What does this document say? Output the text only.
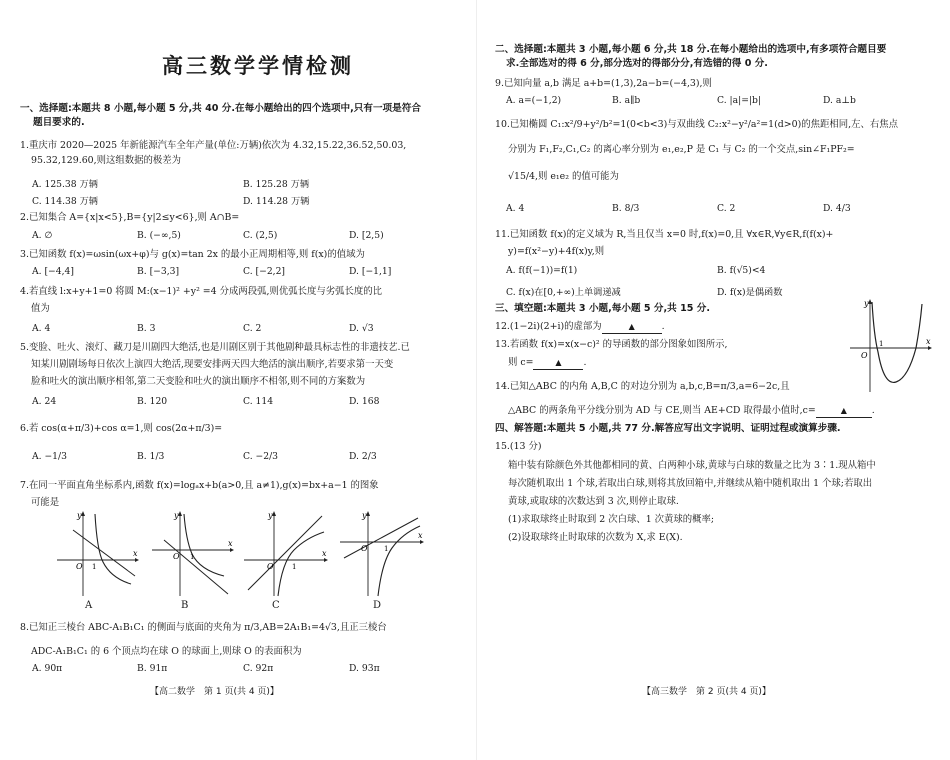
高三数学学情检测
一、选择题:本题共 8 小题,每小题 5 分,共 40 分.在每小题给出的四个选项中,只有一项是符合
题目要求的.
1.重庆市 2020—2025 年新能源汽车全年产量(单位:万辆)依次为 4.32,15.22,36.52,50.03,
95.32,129.60,则这组数据的极差为
A. 125.38 万辆	B. 125.28 万辆
C. 114.38 万辆	D. 114.28 万辆
2.已知集合 A={x|x<5},B={y|2≤y<6},则 A∩B=
A. ∅	B. (−∞,5)	C. (2,5)	D. [2,5)
3.已知函数 f(x)=ωsin(ωx+φ)与 g(x)=tan 2x 的最小正周期相等,则 f(x)的值域为
A. [−4,4]	B. [−3,3]	C. [−2,2]	D. [−1,1]
4.若直线 l:x+y+1=0 将圆 M:(x−1)² +y² =4 分成两段弧,则优弧长度与劣弧长度的比
值为
A. 4	B. 3	C. 2	D. √3
5.变脸、吐火、滚灯、藏刀是川剧四大绝活,也是川剧区别于其他剧种最具标志性的非遗技艺.已
知某川剧剧场每日依次上演四大绝活,现要安排两天四大绝活的演出顺序,若要求第一天变
脸和吐火的演出顺序相邻,第二天变脸和吐火的演出顺序不相邻,则不同的方案数为
A. 24	B. 120	C. 114	D. 168
6.若 cos(α+π/3)+cos α=1,则 cos(2α+π/3)=
A. −1/3	B. 1/3	C. −2/3	D. 2/3
7.在同一平面直角坐标系内,函数 f(x)=logₐx+b(a>0,且 a≠1),g(x)=bx+a−1 的图象
可能是
y
x
O 1
A
y
x
O 1
B
y
x
O	1
C
y
x
O 1
D
8.已知正三棱台 ABC-A₁B₁C₁ 的侧面与底面的夹角为 π/3,AB=2A₁B₁=4√3,且正三棱台
ADC-A₁B₁C₁ 的 6 个顶点均在球 O 的球面上,则球 O 的表面积为
A. 90π	B. 91π	C. 92π	D. 93π
【高二数学　第 1 页(共 4 页)】
二、选择题:本题共 3 小题,每小题 6 分,共 18 分.在每小题给出的选项中,有多项符合题目要
求.全部选对的得 6 分,部分选对的得部分分,有选错的得 0 分.
9.已知向量 a,b 满足 a+b=(1,3),2a−b=(−4,3),则
A. a=(−1,2)	B. a∥b	C. |a|=|b|	D. a⊥b
10.已知椭圆 C₁:x²/9+y²/b²=1(0<b<3)与双曲线 C₂:x²−y²/a²=1(d>0)的焦距相同,左、右焦点
分别为 F₁,F₂,C₁,C₂ 的离心率分别为 e₁,e₂,P 是 C₁ 与 C₂ 的一个交点,sin∠F₁PF₂=
√15/4,则 e₁e₂ 的值可能为
A. 4	B. 8/3	C. 2	D. 4/3
11.已知函数 f(x)的定义域为 R,当且仅当 x=0 时,f(x)=0,且 ∀x∈R,∀y∈R,f(f(x)+
y)=f(x²−y)+4f(x)y,则
A. f(f(−1))=f(1)	B. f(√5)<4
C. f(x)在[0,+∞)上单调递减	D. f(x)是偶函数
三、填空题:本题共 3 小题,每小题 5 分,共 15 分.
12.(1−2i)(2+i)的虚部为	▲	.
13.若函数 f(x)=x(x−c)² 的导函数的部分图象如图所示,
则 c=	▲ .
y
x
O
1
14.已知△ABC 的内角 A,B,C 的对边分别为 a,b,c,B=π/3,a=6−2c,且
△ABC 的两条角平分线分别为 AD 与 CE,则当 AE+CD 取得最小值时,c=	▲	.
四、解答题:本题共 5 小题,共 77 分.解答应写出文字说明、证明过程或演算步骤.
15.(13 分)
箱中装有除颜色外其他都相同的黄、白两种小球,黄球与白球的数量之比为 3∶1.现从箱中
每次随机取出 1 个球,若取出白球,则将其放回箱中,并继续从箱中随机取出 1 个球;若取出
黄球,或取球的次数达到 3 次,则停止取球.
(1)求取球终止时取到 2 次白球、1 次黄球的概率;
(2)设取球终止时取球的次数为 X,求 E(X).
【高三数学　第 2 页(共 4 页)】
